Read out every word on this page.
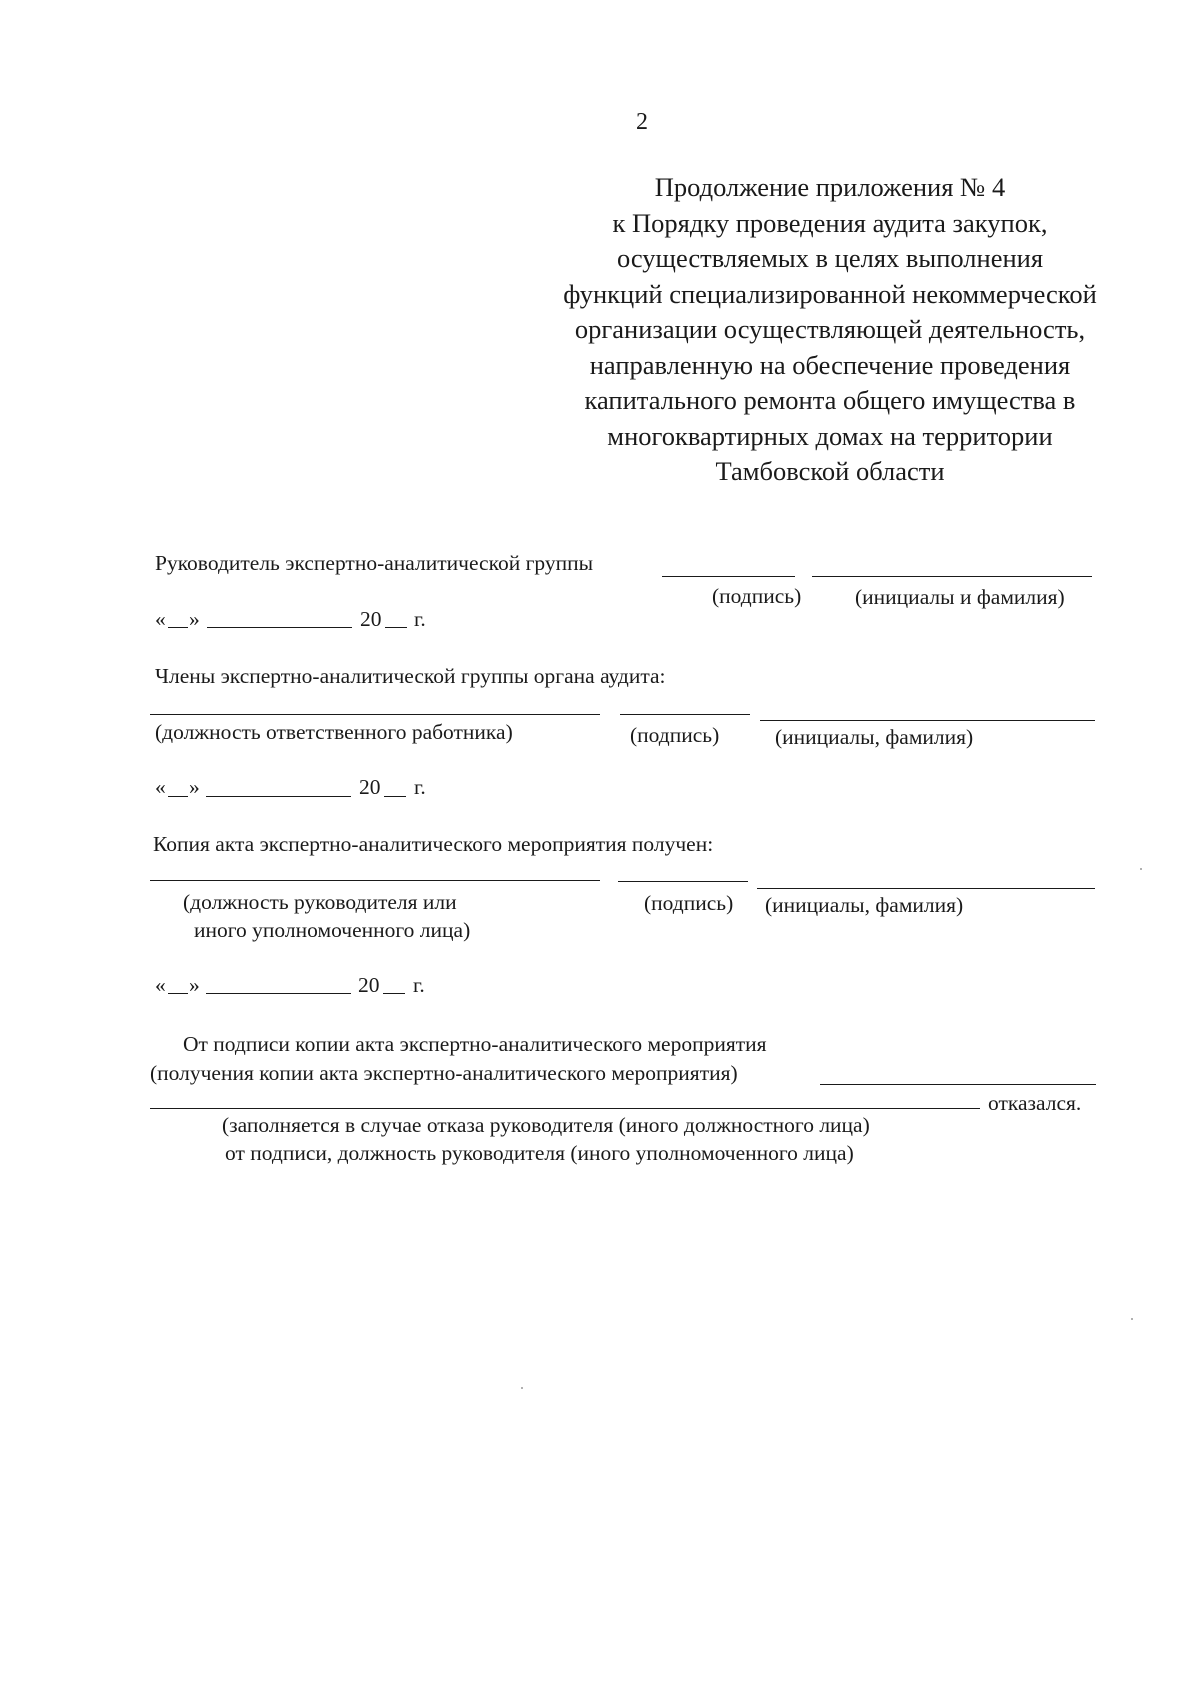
2
Продолжение приложения № 4
к Порядку проведения аудита закупок,
осуществляемых в целях выполнения
функций специализированной некоммерческой
организации осуществляющей деятельность,
направленную на обеспечение проведения
капитального ремонта общего имущества в
многоквартирных домах на территории
Тамбовской области
Руководитель экспертно-аналитической группы
(подпись) (инициалы и фамилия)
« »	20 г.
Члены экспертно-аналитической группы органа аудита:
(должность ответственного работника)	(подпись)	(инициалы, фамилия)
« »	20 г.
Копия акта экспертно-аналитического мероприятия получен:
(должность руководителя или
иного уполномоченного лица)
(подпись) (инициалы, фамилия)
« »	20 г.
От подписи копии акта экспертно-аналитического мероприятия
(получения копии акта экспертно-аналитического мероприятия)
отказался.
(заполняется в случае отказа руководителя (иного должностного лица)
от подписи, должность руководителя (иного уполномоченного лица)
